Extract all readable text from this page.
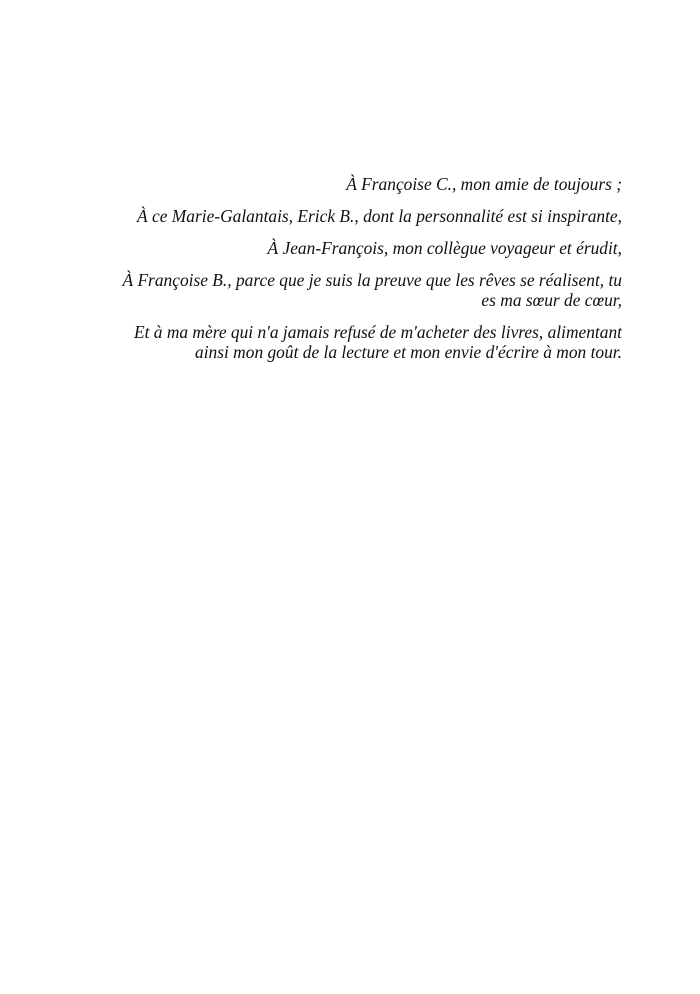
À Françoise C., mon amie de toujours ;
À ce Marie-Galantais, Erick B., dont la personnalité est si inspirante,
À Jean-François, mon collègue voyageur et érudit,
À Françoise B., parce que je suis la preuve que les rêves se réalisent, tu
es ma sœur de cœur,
Et à ma mère qui n'a jamais refusé de m'acheter des livres, alimentant
ainsi mon goût de la lecture et mon envie d'écrire à mon tour.
